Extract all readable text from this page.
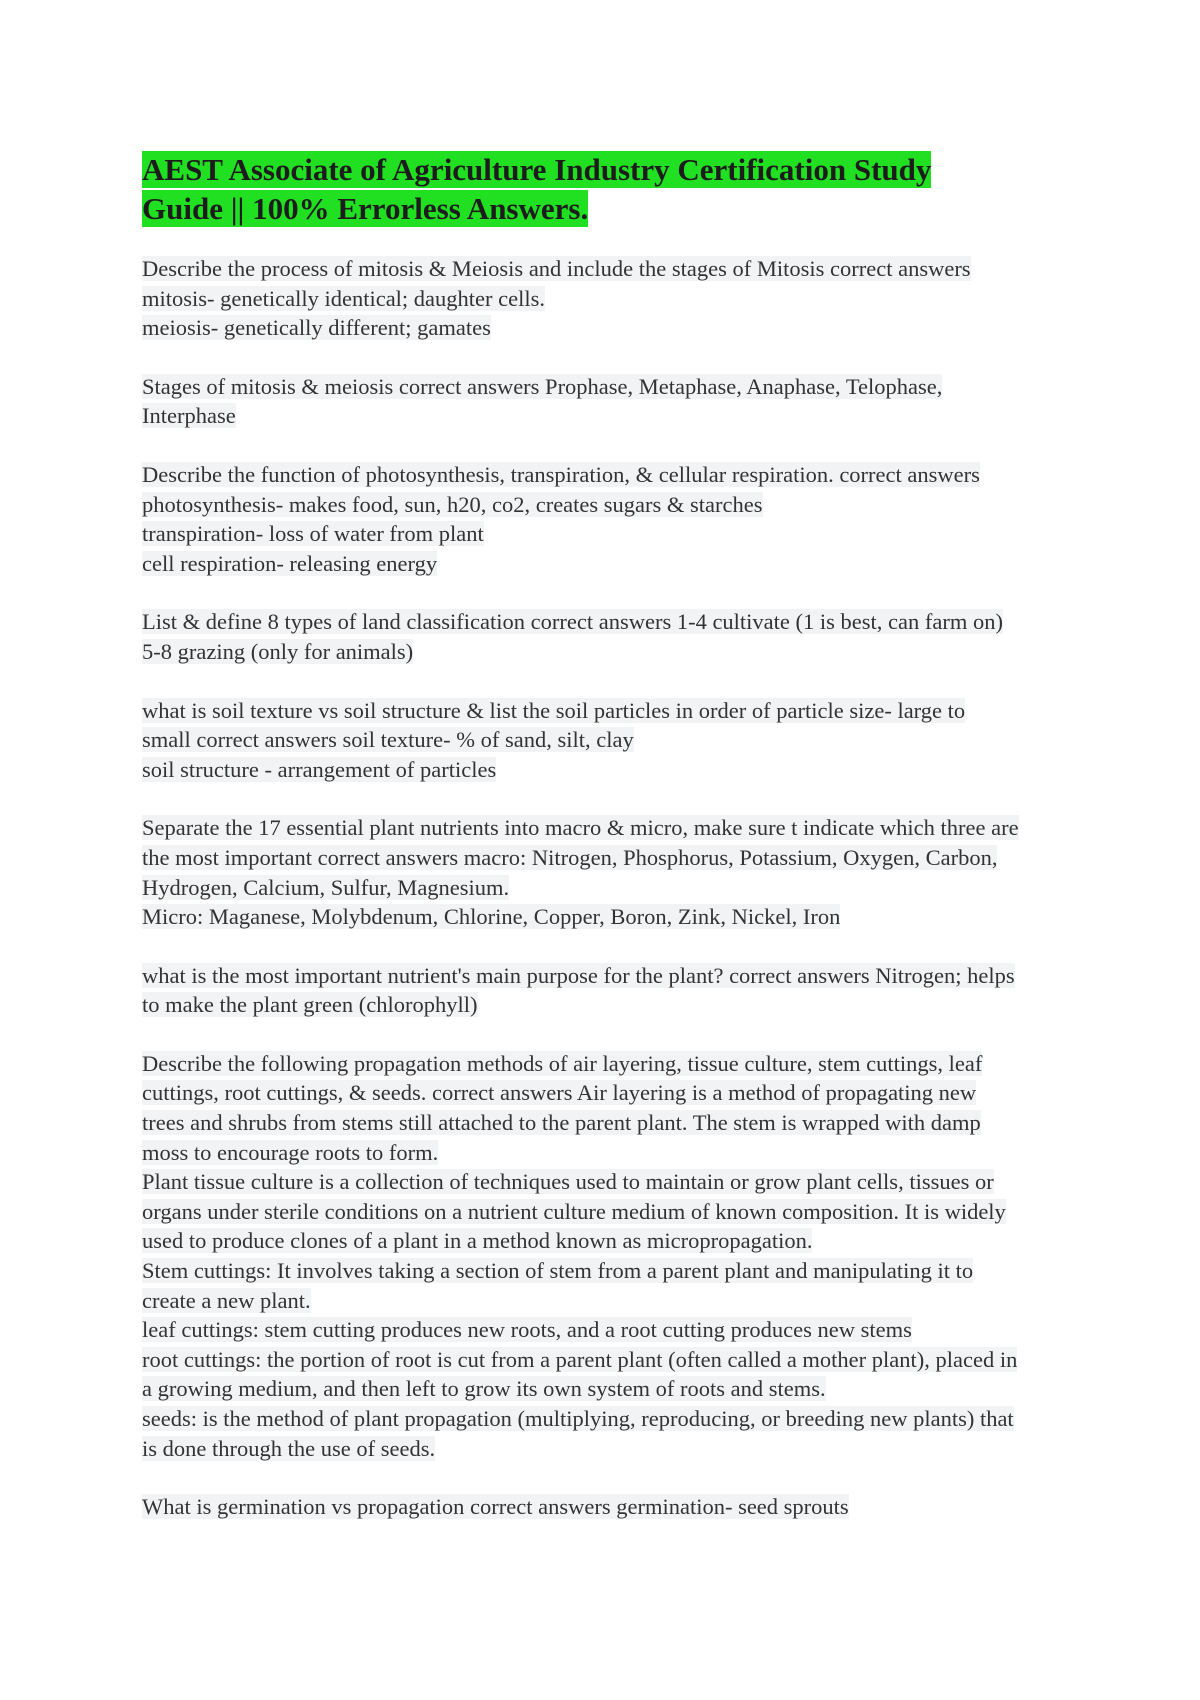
AEST Associate of Agriculture Industry Certification Study
Guide || 100% Errorless Answers.
Describe the process of mitosis & Meiosis and include the stages of Mitosis correct answers
mitosis- genetically identical; daughter cells.
meiosis- genetically different; gamates
Stages of mitosis & meiosis correct answers Prophase, Metaphase, Anaphase, Telophase,
Interphase
Describe the function of photosynthesis, transpiration, & cellular respiration. correct answers
photosynthesis- makes food, sun, h20, co2, creates sugars & starches
transpiration- loss of water from plant
cell respiration- releasing energy
List & define 8 types of land classification correct answers 1-4 cultivate (1 is best, can farm on)
5-8 grazing (only for animals)
what is soil texture vs soil structure & list the soil particles in order of particle size- large to
small correct answers soil texture- % of sand, silt, clay
soil structure - arrangement of particles
Separate the 17 essential plant nutrients into macro & micro, make sure t indicate which three are
the most important correct answers macro: Nitrogen, Phosphorus, Potassium, Oxygen, Carbon,
Hydrogen, Calcium, Sulfur, Magnesium.
Micro: Maganese, Molybdenum, Chlorine, Copper, Boron, Zink, Nickel, Iron
what is the most important nutrient's main purpose for the plant? correct answers Nitrogen; helps
to make the plant green (chlorophyll)
Describe the following propagation methods of air layering, tissue culture, stem cuttings, leaf
cuttings, root cuttings, & seeds. correct answers Air layering is a method of propagating new
trees and shrubs from stems still attached to the parent plant. The stem is wrapped with damp
moss to encourage roots to form.
Plant tissue culture is a collection of techniques used to maintain or grow plant cells, tissues or
organs under sterile conditions on a nutrient culture medium of known composition. It is widely
used to produce clones of a plant in a method known as micropropagation.
Stem cuttings: It involves taking a section of stem from a parent plant and manipulating it to
create a new plant.
leaf cuttings: stem cutting produces new roots, and a root cutting produces new stems
root cuttings: the portion of root is cut from a parent plant (often called a mother plant), placed in
a growing medium, and then left to grow its own system of roots and stems.
seeds: is the method of plant propagation (multiplying, reproducing, or breeding new plants) that
is done through the use of seeds.
What is germination vs propagation correct answers germination- seed sprouts
